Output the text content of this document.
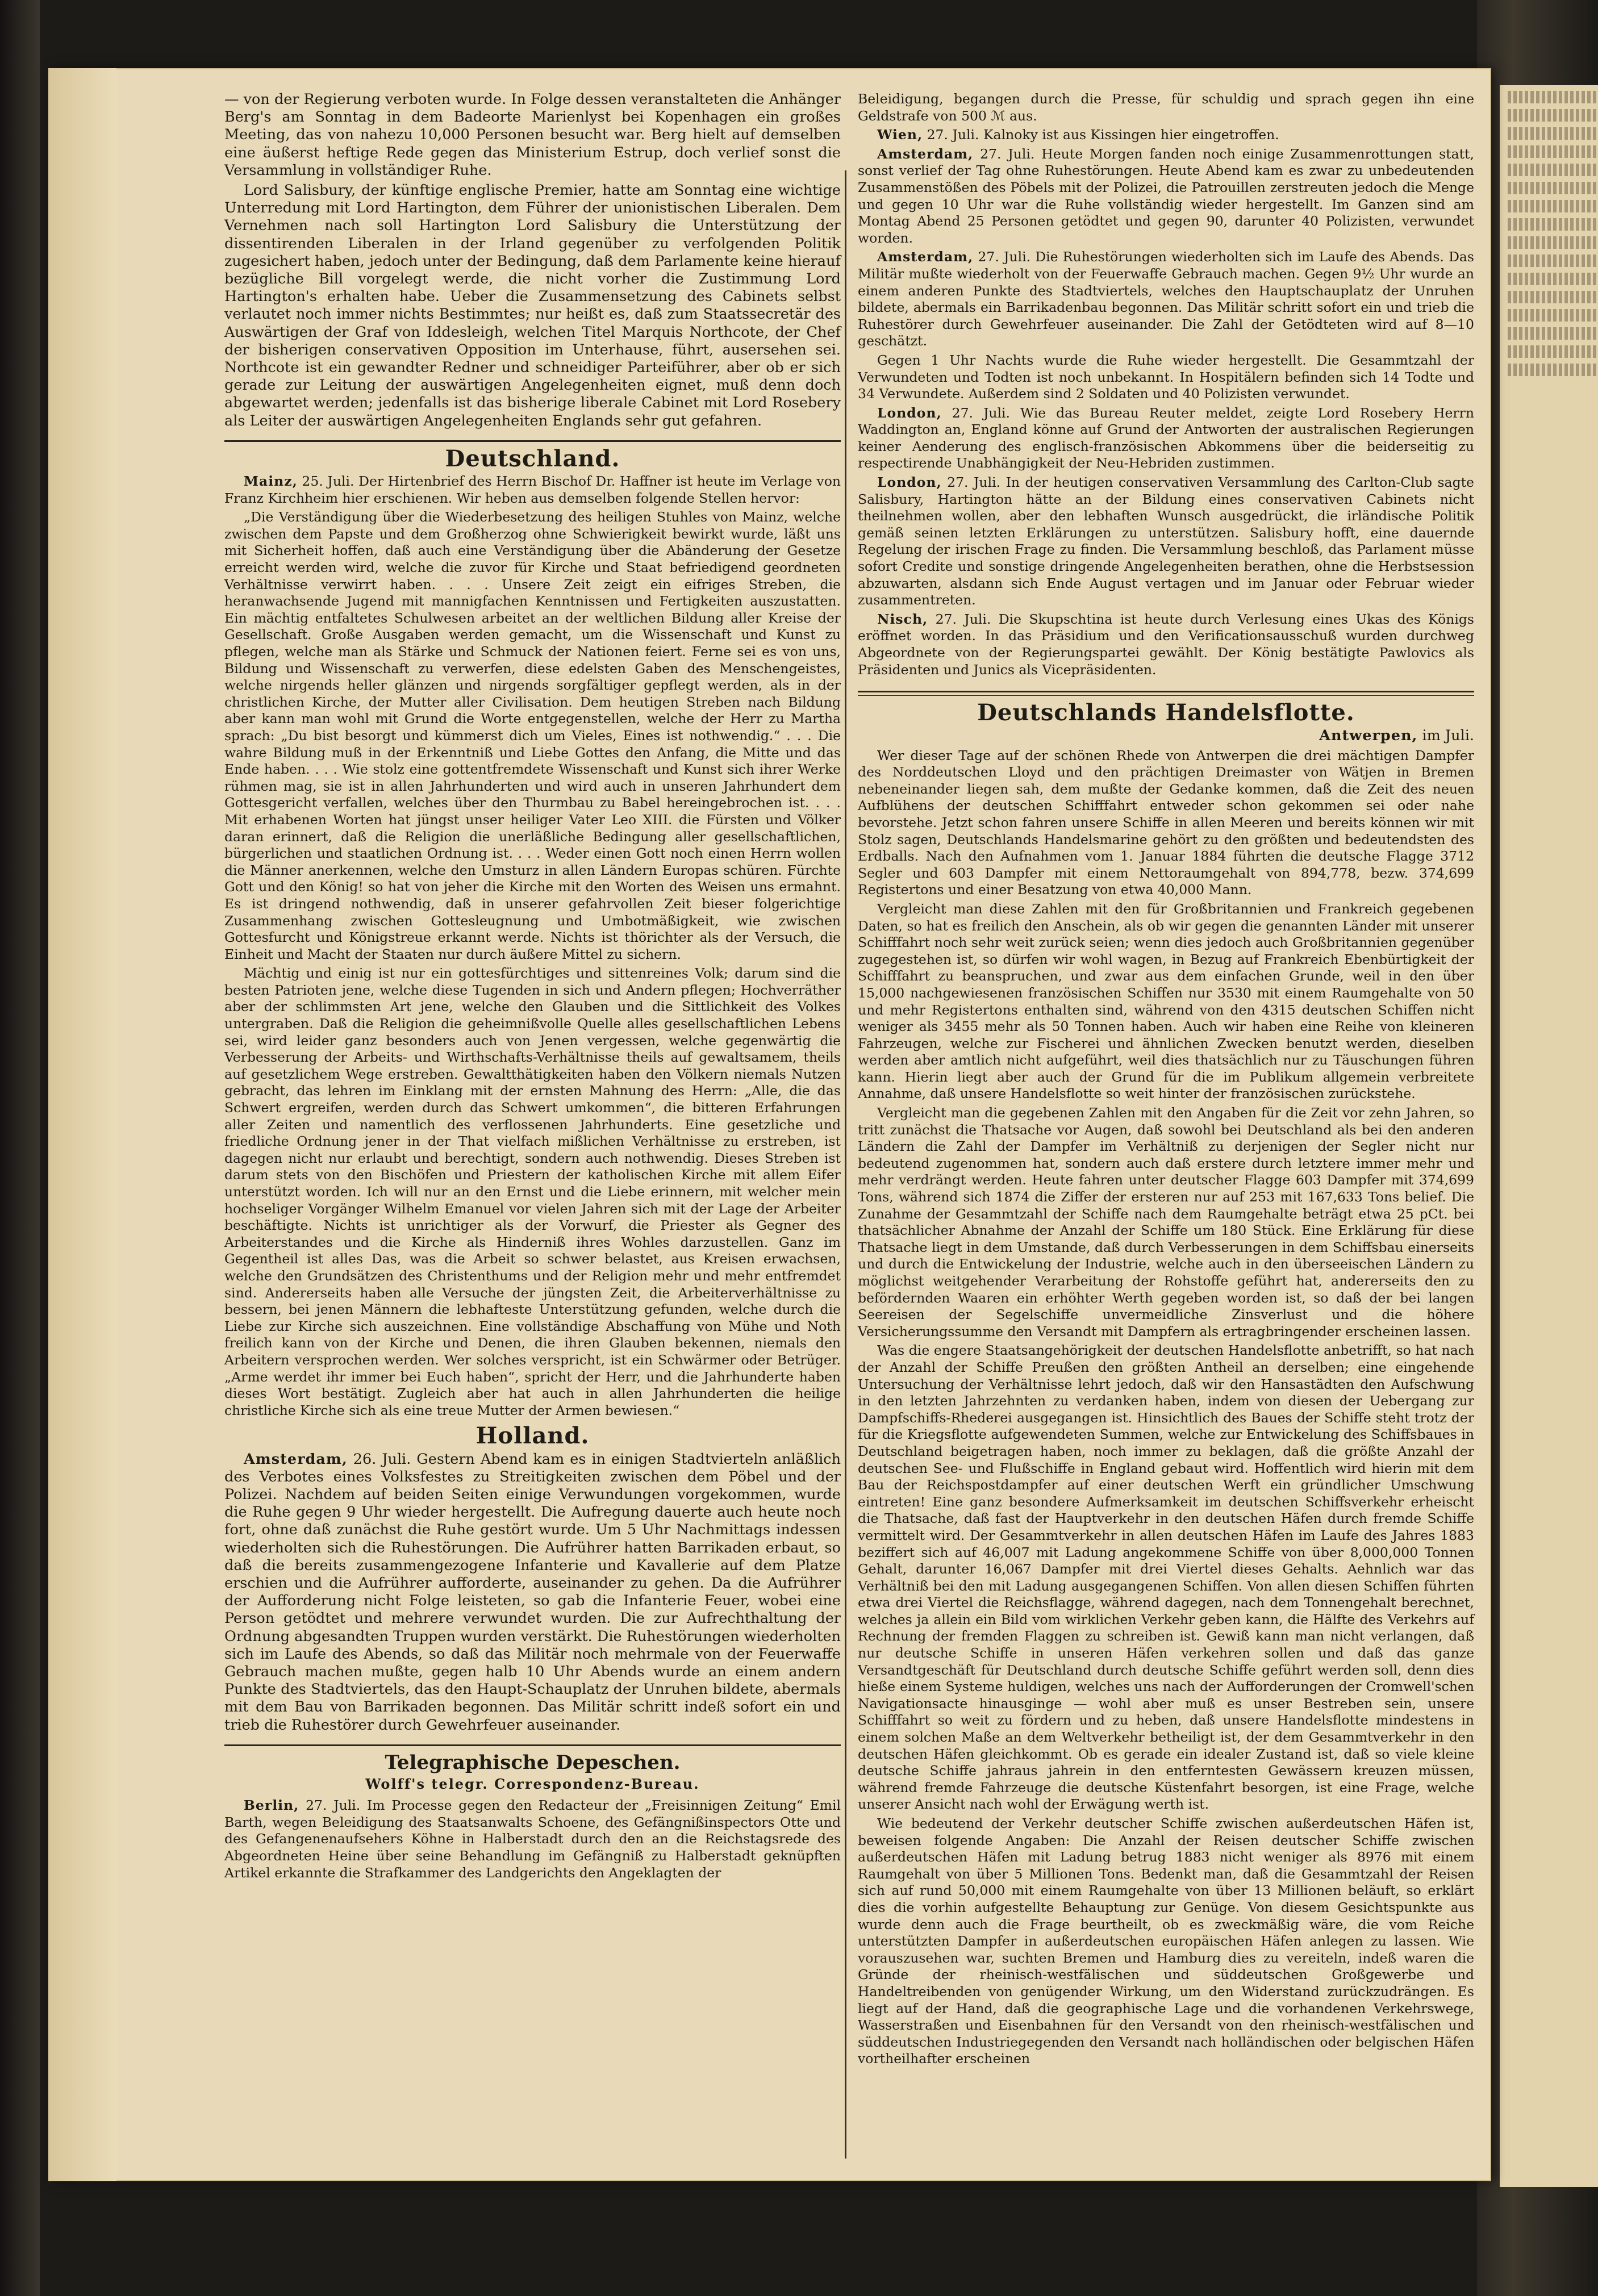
— von der Regierung verboten wurde. In Folge dessen veranstalteten die Anhänger Berg's am Sonntag in dem Badeorte Marienlyst bei Kopenhagen ein großes Meeting, das von nahezu 10,000 Personen besucht war. Berg hielt auf demselben eine äußerst heftige Rede gegen das Ministerium Estrup, doch verlief sonst die Versammlung in vollständiger Ruhe.

Lord Salisbury, der künftige englische Premier, hatte am Sonntag eine wichtige Unterredung mit Lord Hartington, dem Führer der unionistischen Liberalen. Dem Vernehmen nach soll Hartington Lord Salisbury die Unterstützung der dissentirenden Liberalen in der Irland gegenüber zu verfolgenden Politik zugesichert haben, jedoch unter der Bedingung, daß dem Parlamente keine hierauf bezügliche Bill vorgelegt werde, die nicht vorher die Zustimmung Lord Hartington's erhalten habe. Ueber die Zusammensetzung des Cabinets selbst verlautet noch immer nichts Bestimmtes; nur heißt es, daß zum Staatssecretär des Auswärtigen der Graf von Iddesleigh, welchen Titel Marquis Northcote, der Chef der bisherigen conservativen Opposition im Unterhause, führt, ausersehen sei. Northcote ist ein gewandter Redner und schneidiger Parteiführer, aber ob er sich gerade zur Leitung der auswärtigen Angelegenheiten eignet, muß denn doch abgewartet werden; jedenfalls ist das bisherige liberale Cabinet mit Lord Rosebery als Leiter der auswärtigen Angelegenheiten Englands sehr gut gefahren.

Deutschland.

Mainz, 25. Juli. Der Hirtenbrief des Herrn Bischof Dr. Haffner ist heute im Verlage von Franz Kirchheim hier erschienen. Wir heben aus demselben folgende Stellen hervor:

„Die Verständigung über die Wiederbesetzung des heiligen Stuhles von Mainz, welche zwischen dem Papste und dem Großherzog ohne Schwierigkeit bewirkt wurde, läßt uns mit Sicherheit hoffen, daß auch eine Verständigung über die Abänderung der Gesetze erreicht werden wird, welche die zuvor für Kirche und Staat befriedigend geordneten Verhältnisse verwirrt haben. . . . Unsere Zeit zeigt ein eifriges Streben, die heranwachsende Jugend mit mannigfachen Kenntnissen und Fertigkeiten auszustatten. Ein mächtig entfaltetes Schulwesen arbeitet an der weltlichen Bildung aller Kreise der Gesellschaft. Große Ausgaben werden gemacht, um die Wissenschaft und Kunst zu pflegen, welche man als Stärke und Schmuck der Nationen feiert. Ferne sei es von uns, Bildung und Wissenschaft zu verwerfen, diese edelsten Gaben des Menschengeistes, welche nirgends heller glänzen und nirgends sorgfältiger gepflegt werden, als in der christlichen Kirche, der Mutter aller Civilisation. Dem heutigen Streben nach Bildung aber kann man wohl mit Grund die Worte entgegenstellen, welche der Herr zu Martha sprach: „Du bist besorgt und kümmerst dich um Vieles, Eines ist nothwendig.“ . . . Die wahre Bildung muß in der Erkenntniß und Liebe Gottes den Anfang, die Mitte und das Ende haben. . . . Wie stolz eine gottentfremdete Wissenschaft und Kunst sich ihrer Werke rühmen mag, sie ist in allen Jahrhunderten und wird auch in unseren Jahrhundert dem Gottesgericht verfallen, welches über den Thurmbau zu Babel hereingebrochen ist. . . . Mit erhabenen Worten hat jüngst unser heiliger Vater Leo XIII. die Fürsten und Völker daran erinnert, daß die Religion die unerläßliche Bedingung aller gesellschaftlichen, bürgerlichen und staatlichen Ordnung ist. . . . Weder einen Gott noch einen Herrn wollen die Männer anerkennen, welche den Umsturz in allen Ländern Europas schüren. Fürchte Gott und den König! so hat von jeher die Kirche mit den Worten des Weisen uns ermahnt. Es ist dringend nothwendig, daß in unserer gefahrvollen Zeit bieser folgerichtige Zusammenhang zwischen Gottesleugnung und Umbotmäßigkeit, wie zwischen Gottesfurcht und Königstreue erkannt werde. Nichts ist thörichter als der Versuch, die Einheit und Macht der Staaten nur durch äußere Mittel zu sichern.

Mächtig und einig ist nur ein gottesfürchtiges und sittenreines Volk; darum sind die besten Patrioten jene, welche diese Tugenden in sich und Andern pflegen; Hochverräther aber der schlimmsten Art jene, welche den Glauben und die Sittlichkeit des Volkes untergraben. Daß die Religion die geheimnißvolle Quelle alles gesellschaftlichen Lebens sei, wird leider ganz besonders auch von Jenen vergessen, welche gegenwärtig die Verbesserung der Arbeits- und Wirthschafts-Verhältnisse theils auf gewaltsamem, theils auf gesetzlichem Wege erstreben. Gewaltthätigkeiten haben den Völkern niemals Nutzen gebracht, das lehren im Einklang mit der ernsten Mahnung des Herrn: „Alle, die das Schwert ergreifen, werden durch das Schwert umkommen“, die bitteren Erfahrungen aller Zeiten und namentlich des verflossenen Jahrhunderts. Eine gesetzliche und friedliche Ordnung jener in der That vielfach mißlichen Verhältnisse zu erstreben, ist dagegen nicht nur erlaubt und berechtigt, sondern auch nothwendig. Dieses Streben ist darum stets von den Bischöfen und Priestern der katholischen Kirche mit allem Eifer unterstützt worden. Ich will nur an den Ernst und die Liebe erinnern, mit welcher mein hochseliger Vorgänger Wilhelm Emanuel vor vielen Jahren sich mit der Lage der Arbeiter beschäftigte. Nichts ist unrichtiger als der Vorwurf, die Priester als Gegner des Arbeiterstandes und die Kirche als Hinderniß ihres Wohles darzustellen. Ganz im Gegentheil ist alles Das, was die Arbeit so schwer belastet, aus Kreisen erwachsen, welche den Grundsätzen des Christenthums und der Religion mehr und mehr entfremdet sind. Andererseits haben alle Versuche der jüngsten Zeit, die Arbeiterverhältnisse zu bessern, bei jenen Männern die lebhafteste Unterstützung gefunden, welche durch die Liebe zur Kirche sich auszeichnen. Eine vollständige Abschaffung von Mühe und Noth freilich kann von der Kirche und Denen, die ihren Glauben bekennen, niemals den Arbeitern versprochen werden. Wer solches verspricht, ist ein Schwärmer oder Betrüger. „Arme werdet ihr immer bei Euch haben“, spricht der Herr, und die Jahrhunderte haben dieses Wort bestätigt. Zugleich aber hat auch in allen Jahrhunderten die heilige christliche Kirche sich als eine treue Mutter der Armen bewiesen.“

Holland.

Amsterdam, 26. Juli. Gestern Abend kam es in einigen Stadtvierteln anläßlich des Verbotes eines Volksfestes zu Streitigkeiten zwischen dem Pöbel und der Polizei. Nachdem auf beiden Seiten einige Verwundungen vorgekommen, wurde die Ruhe gegen 9 Uhr wieder hergestellt. Die Aufregung dauerte auch heute noch fort, ohne daß zunächst die Ruhe gestört wurde. Um 5 Uhr Nachmittags indessen wiederholten sich die Ruhestörungen. Die Aufrührer hatten Barrikaden erbaut, so daß die bereits zusammengezogene Infanterie und Kavallerie auf dem Platze erschien und die Aufrührer aufforderte, auseinander zu gehen. Da die Aufrührer der Aufforderung nicht Folge leisteten, so gab die Infanterie Feuer, wobei eine Person getödtet und mehrere verwundet wurden. Die zur Aufrechthaltung der Ordnung abgesandten Truppen wurden verstärkt. Die Ruhestörungen wiederholten sich im Laufe des Abends, so daß das Militär noch mehrmale von der Feuerwaffe Gebrauch machen mußte, gegen halb 10 Uhr Abends wurde an einem andern Punkte des Stadtviertels, das den Haupt-Schauplatz der Unruhen bildete, abermals mit dem Bau von Barrikaden begonnen. Das Militär schritt indeß sofort ein und trieb die Ruhestörer durch Gewehrfeuer auseinander.

Telegraphische Depeschen.
Wolff's telegr. Correspondenz-Bureau.

Berlin, 27. Juli. Im Processe gegen den Redacteur der „Freisinnigen Zeitung“ Emil Barth, wegen Beleidigung des Staatsanwalts Schoene, des Gefängnißinspectors Otte und des Gefangenenaufsehers Köhne in Halberstadt durch den an die Reichstagsrede des Abgeordneten Heine über seine Behandlung im Gefängniß zu Halberstadt geknüpften Artikel erkannte die Strafkammer des Landgerichts den Angeklagten der

Beleidigung, begangen durch die Presse, für schuldig und sprach gegen ihn eine Geldstrafe von 500 ℳ aus.

Wien, 27. Juli. Kalnoky ist aus Kissingen hier eingetroffen.

Amsterdam, 27. Juli. Heute Morgen fanden noch einige Zusammenrottungen statt, sonst verlief der Tag ohne Ruhestörungen. Heute Abend kam es zwar zu unbedeutenden Zusammenstößen des Pöbels mit der Polizei, die Patrouillen zerstreuten jedoch die Menge und gegen 10 Uhr war die Ruhe vollständig wieder hergestellt. Im Ganzen sind am Montag Abend 25 Personen getödtet und gegen 90, darunter 40 Polizisten, verwundet worden.

Amsterdam, 27. Juli. Die Ruhestörungen wiederholten sich im Laufe des Abends. Das Militär mußte wiederholt von der Feuerwaffe Gebrauch machen. Gegen 9½ Uhr wurde an einem anderen Punkte des Stadtviertels, welches den Hauptschauplatz der Unruhen bildete, abermals ein Barrikadenbau begonnen. Das Militär schritt sofort ein und trieb die Ruhestörer durch Gewehrfeuer auseinander. Die Zahl der Getödteten wird auf 8—10 geschätzt.

Gegen 1 Uhr Nachts wurde die Ruhe wieder hergestellt. Die Gesammtzahl der Verwundeten und Todten ist noch unbekannt. In Hospitälern befinden sich 14 Todte und 34 Verwundete. Außerdem sind 2 Soldaten und 40 Polizisten verwundet.

London, 27. Juli. Wie das Bureau Reuter meldet, zeigte Lord Rosebery Herrn Waddington an, England könne auf Grund der Antworten der australischen Regierungen keiner Aenderung des englisch-französischen Abkommens über die beiderseitig zu respectirende Unabhängigkeit der Neu-Hebriden zustimmen.

London, 27. Juli. In der heutigen conservativen Versammlung des Carlton-Club sagte Salisbury, Hartington hätte an der Bildung eines conservativen Cabinets nicht theilnehmen wollen, aber den lebhaften Wunsch ausgedrückt, die irländische Politik gemäß seinen letzten Erklärungen zu unterstützen. Salisbury hofft, eine dauernde Regelung der irischen Frage zu finden. Die Versammlung beschloß, das Parlament müsse sofort Credite und sonstige dringende Angelegenheiten berathen, ohne die Herbstsession abzuwarten, alsdann sich Ende August vertagen und im Januar oder Februar wieder zusammentreten.

Nisch, 27. Juli. Die Skupschtina ist heute durch Verlesung eines Ukas des Königs eröffnet worden. In das Präsidium und den Verificationsausschuß wurden durchweg Abgeordnete von der Regierungspartei gewählt. Der König bestätigte Pawlovics als Präsidenten und Junics als Vicepräsidenten.

Deutschlands Handelsflotte.
Antwerpen, im Juli.

Wer dieser Tage auf der schönen Rhede von Antwerpen die drei mächtigen Dampfer des Norddeutschen Lloyd und den prächtigen Dreimaster von Wätjen in Bremen nebeneinander liegen sah, dem mußte der Gedanke kommen, daß die Zeit des neuen Aufblühens der deutschen Schifffahrt entweder schon gekommen sei oder nahe bevorstehe. Jetzt schon fahren unsere Schiffe in allen Meeren und bereits können wir mit Stolz sagen, Deutschlands Handelsmarine gehört zu den größten und bedeutendsten des Erdballs. Nach den Aufnahmen vom 1. Januar 1884 führten die deutsche Flagge 3712 Segler und 603 Dampfer mit einem Nettoraumgehalt von 894,778, bezw. 374,699 Registertons und einer Besatzung von etwa 40,000 Mann.

Vergleicht man diese Zahlen mit den für Großbritannien und Frankreich gegebenen Daten, so hat es freilich den Anschein, als ob wir gegen die genannten Länder mit unserer Schifffahrt noch sehr weit zurück seien; wenn dies jedoch auch Großbritannien gegenüber zugegestehen ist, so dürfen wir wohl wagen, in Bezug auf Frankreich Ebenbürtigkeit der Schifffahrt zu beanspruchen, und zwar aus dem einfachen Grunde, weil in den über 15,000 nachgewiesenen französischen Schiffen nur 3530 mit einem Raumgehalte von 50 und mehr Registertons enthalten sind, während von den 4315 deutschen Schiffen nicht weniger als 3455 mehr als 50 Tonnen haben. Auch wir haben eine Reihe von kleineren Fahrzeugen, welche zur Fischerei und ähnlichen Zwecken benutzt werden, dieselben werden aber amtlich nicht aufgeführt, weil dies thatsächlich nur zu Täuschungen führen kann. Hierin liegt aber auch der Grund für die im Publikum allgemein verbreitete Annahme, daß unsere Handelsflotte so weit hinter der französischen zurückstehe.

Vergleicht man die gegebenen Zahlen mit den Angaben für die Zeit vor zehn Jahren, so tritt zunächst die Thatsache vor Augen, daß sowohl bei Deutschland als bei den anderen Ländern die Zahl der Dampfer im Verhältniß zu derjenigen der Segler nicht nur bedeutend zugenommen hat, sondern auch daß erstere durch letztere immer mehr und mehr verdrängt werden. Heute fahren unter deutscher Flagge 603 Dampfer mit 374,699 Tons, während sich 1874 die Ziffer der ersteren nur auf 253 mit 167,633 Tons belief. Die Zunahme der Gesammtzahl der Schiffe nach dem Raumgehalte beträgt etwa 25 pCt. bei thatsächlicher Abnahme der Anzahl der Schiffe um 180 Stück. Eine Erklärung für diese Thatsache liegt in dem Umstande, daß durch Verbesserungen in dem Schiffsbau einerseits und durch die Entwickelung der Industrie, welche auch in den überseeischen Ländern zu möglichst weitgehender Verarbeitung der Rohstoffe geführt hat, andererseits den zu befördernden Waaren ein erhöhter Werth gegeben worden ist, so daß der bei langen Seereisen der Segelschiffe unvermeidliche Zinsverlust und die höhere Versicherungssumme den Versandt mit Dampfern als ertragbringender erscheinen lassen.

Was die engere Staatsangehörigkeit der deutschen Handelsflotte anbetrifft, so hat nach der Anzahl der Schiffe Preußen den größten Antheil an derselben; eine eingehende Untersuchung der Verhältnisse lehrt jedoch, daß wir den Hansastädten den Aufschwung in den letzten Jahrzehnten zu verdanken haben, indem von diesen der Uebergang zur Dampfschiffs-Rhederei ausgegangen ist. Hinsichtlich des Baues der Schiffe steht trotz der für die Kriegsflotte aufgewendeten Summen, welche zur Entwickelung des Schiffsbaues in Deutschland beigetragen haben, noch immer zu beklagen, daß die größte Anzahl der deutschen See- und Flußschiffe in England gebaut wird. Hoffentlich wird hierin mit dem Bau der Reichspostdampfer auf einer deutschen Werft ein gründlicher Umschwung eintreten! Eine ganz besondere Aufmerksamkeit im deutschen Schiffsverkehr erheischt die Thatsache, daß fast der Hauptverkehr in den deutschen Häfen durch fremde Schiffe vermittelt wird. Der Gesammtverkehr in allen deutschen Häfen im Laufe des Jahres 1883 beziffert sich auf 46,007 mit Ladung angekommene Schiffe von über 8,000,000 Tonnen Gehalt, darunter 16,067 Dampfer mit drei Viertel dieses Gehalts. Aehnlich war das Verhältniß bei den mit Ladung ausgegangenen Schiffen. Von allen diesen Schiffen führten etwa drei Viertel die Reichsflagge, während dagegen, nach dem Tonnengehalt berechnet, welches ja allein ein Bild vom wirklichen Verkehr geben kann, die Hälfte des Verkehrs auf Rechnung der fremden Flaggen zu schreiben ist. Gewiß kann man nicht verlangen, daß nur deutsche Schiffe in unseren Häfen verkehren sollen und daß das ganze Versandtgeschäft für Deutschland durch deutsche Schiffe geführt werden soll, denn dies hieße einem Systeme huldigen, welches uns nach der Aufforderungen der Cromwell'schen Navigationsacte hinausginge — wohl aber muß es unser Bestreben sein, unsere Schifffahrt so weit zu fördern und zu heben, daß unsere Handelsflotte mindestens in einem solchen Maße an dem Weltverkehr betheiligt ist, der dem Gesammtverkehr in den deutschen Häfen gleichkommt. Ob es gerade ein idealer Zustand ist, daß so viele kleine deutsche Schiffe jahraus jahrein in den entferntesten Gewässern kreuzen müssen, während fremde Fahrzeuge die deutsche Küstenfahrt besorgen, ist eine Frage, welche unserer Ansicht nach wohl der Erwägung werth ist.

Wie bedeutend der Verkehr deutscher Schiffe zwischen außerdeutschen Häfen ist, beweisen folgende Angaben: Die Anzahl der Reisen deutscher Schiffe zwischen außerdeutschen Häfen mit Ladung betrug 1883 nicht weniger als 8976 mit einem Raumgehalt von über 5 Millionen Tons. Bedenkt man, daß die Gesammtzahl der Reisen sich auf rund 50,000 mit einem Raumgehalte von über 13 Millionen beläuft, so erklärt dies die vorhin aufgestellte Behauptung zur Genüge. Von diesem Gesichtspunkte aus wurde denn auch die Frage beurtheilt, ob es zweckmäßig wäre, die vom Reiche unterstützten Dampfer in außerdeutschen europäischen Häfen anlegen zu lassen. Wie vorauszusehen war, suchten Bremen und Hamburg dies zu vereiteln, indeß waren die Gründe der rheinisch-westfälischen und süddeutschen Großgewerbe und Handeltreibenden von genügender Wirkung, um den Widerstand zurückzudrängen. Es liegt auf der Hand, daß die geographische Lage und die vorhandenen Verkehrswege, Wasserstraßen und Eisenbahnen für den Versandt von den rheinisch-westfälischen und süddeutschen Industriegegenden den Versandt nach holländischen oder belgischen Häfen vortheilhafter erscheinen
